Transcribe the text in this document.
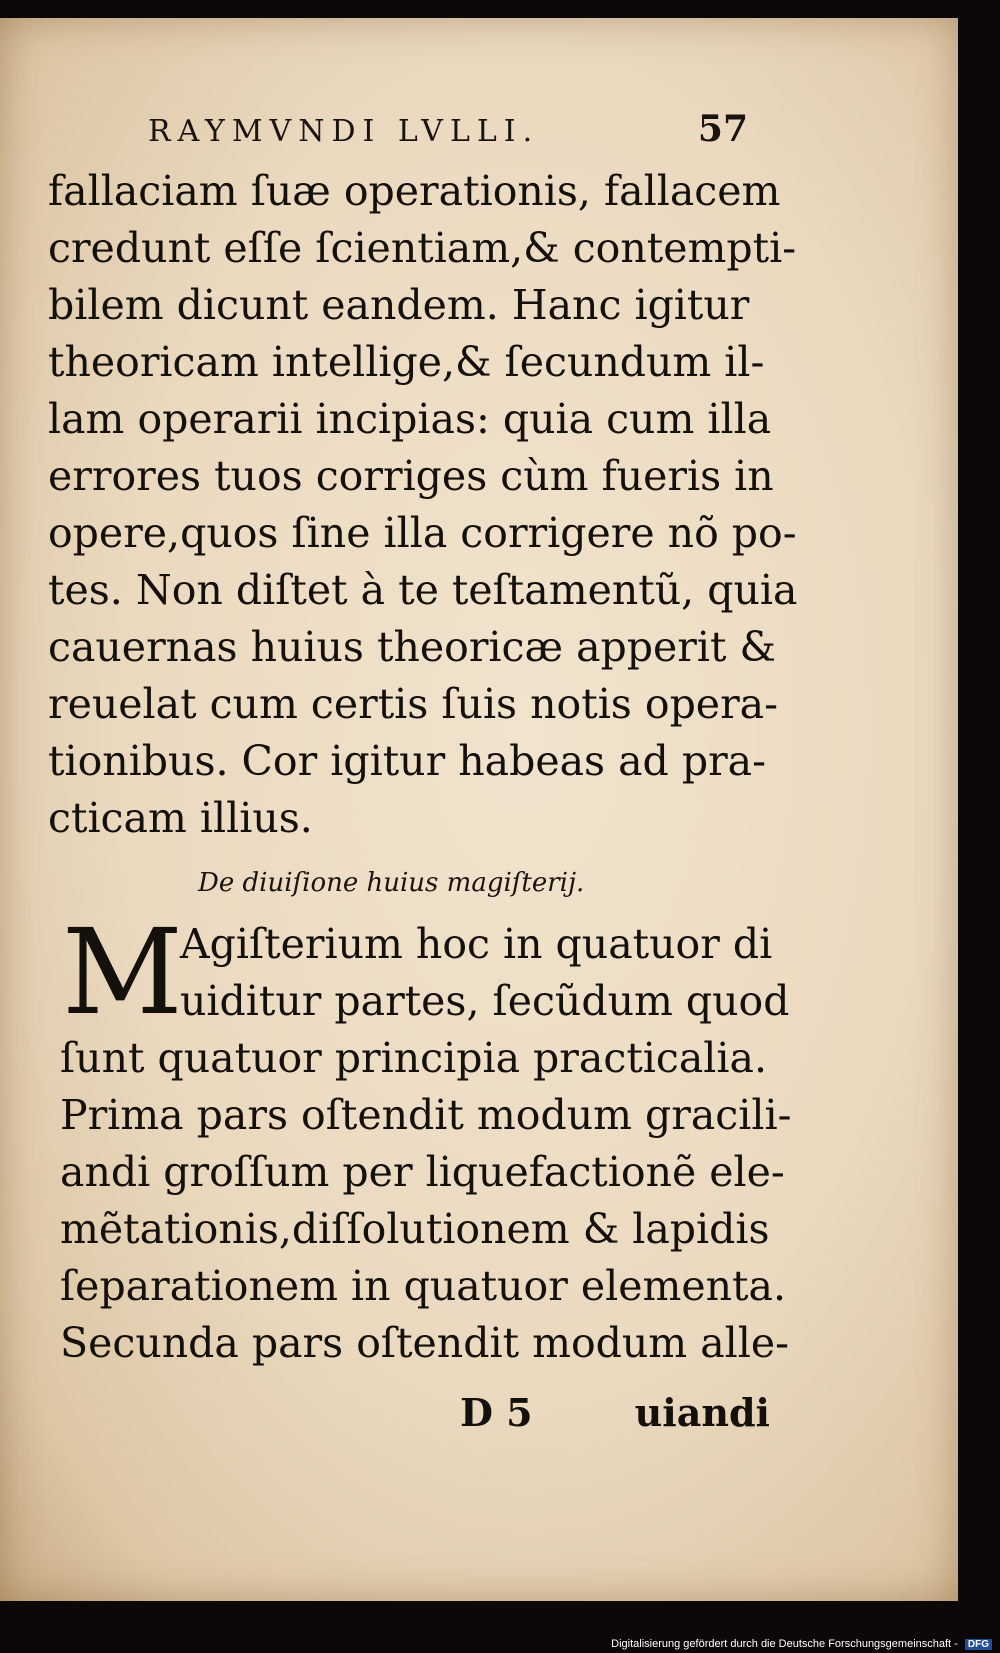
RAYMVNDI LVLLI.	57
fallaciam ſuæ operationis, fallacem
credunt eſſe ſcientiam,& contempti-
bilem dicunt eandem. Hanc igitur
theoricam intellige,& ſecundum il-
lam operarii incipias: quia cum illa
errores tuos corriges cùm fueris in
opere,quos ſine illa corrigere nõ po-
tes. Non diſtet à te teſtamentũ, quia
cauernas huius theoricæ apperit &
reuelat cum certis ſuis notis opera-
tionibus. Cor igitur habeas ad pra-
cticam illius.
De diuiſione huius magiſterij.
M
Agiſterium hoc in quatuor di
uiditur partes, ſecũdum quod
ſunt quatuor principia practicalia.
Prima pars oſtendit modum gracili-
andi groſſum per liquefactionẽ ele-
mẽtationis,diſſolutionem & lapidis
ſeparationem in quatuor elementa.
Secunda pars oſtendit modum alle-
D 5	uiandi
Digitalisierung gefördert durch die Deutsche Forschungsgemeinschaft - DFG
